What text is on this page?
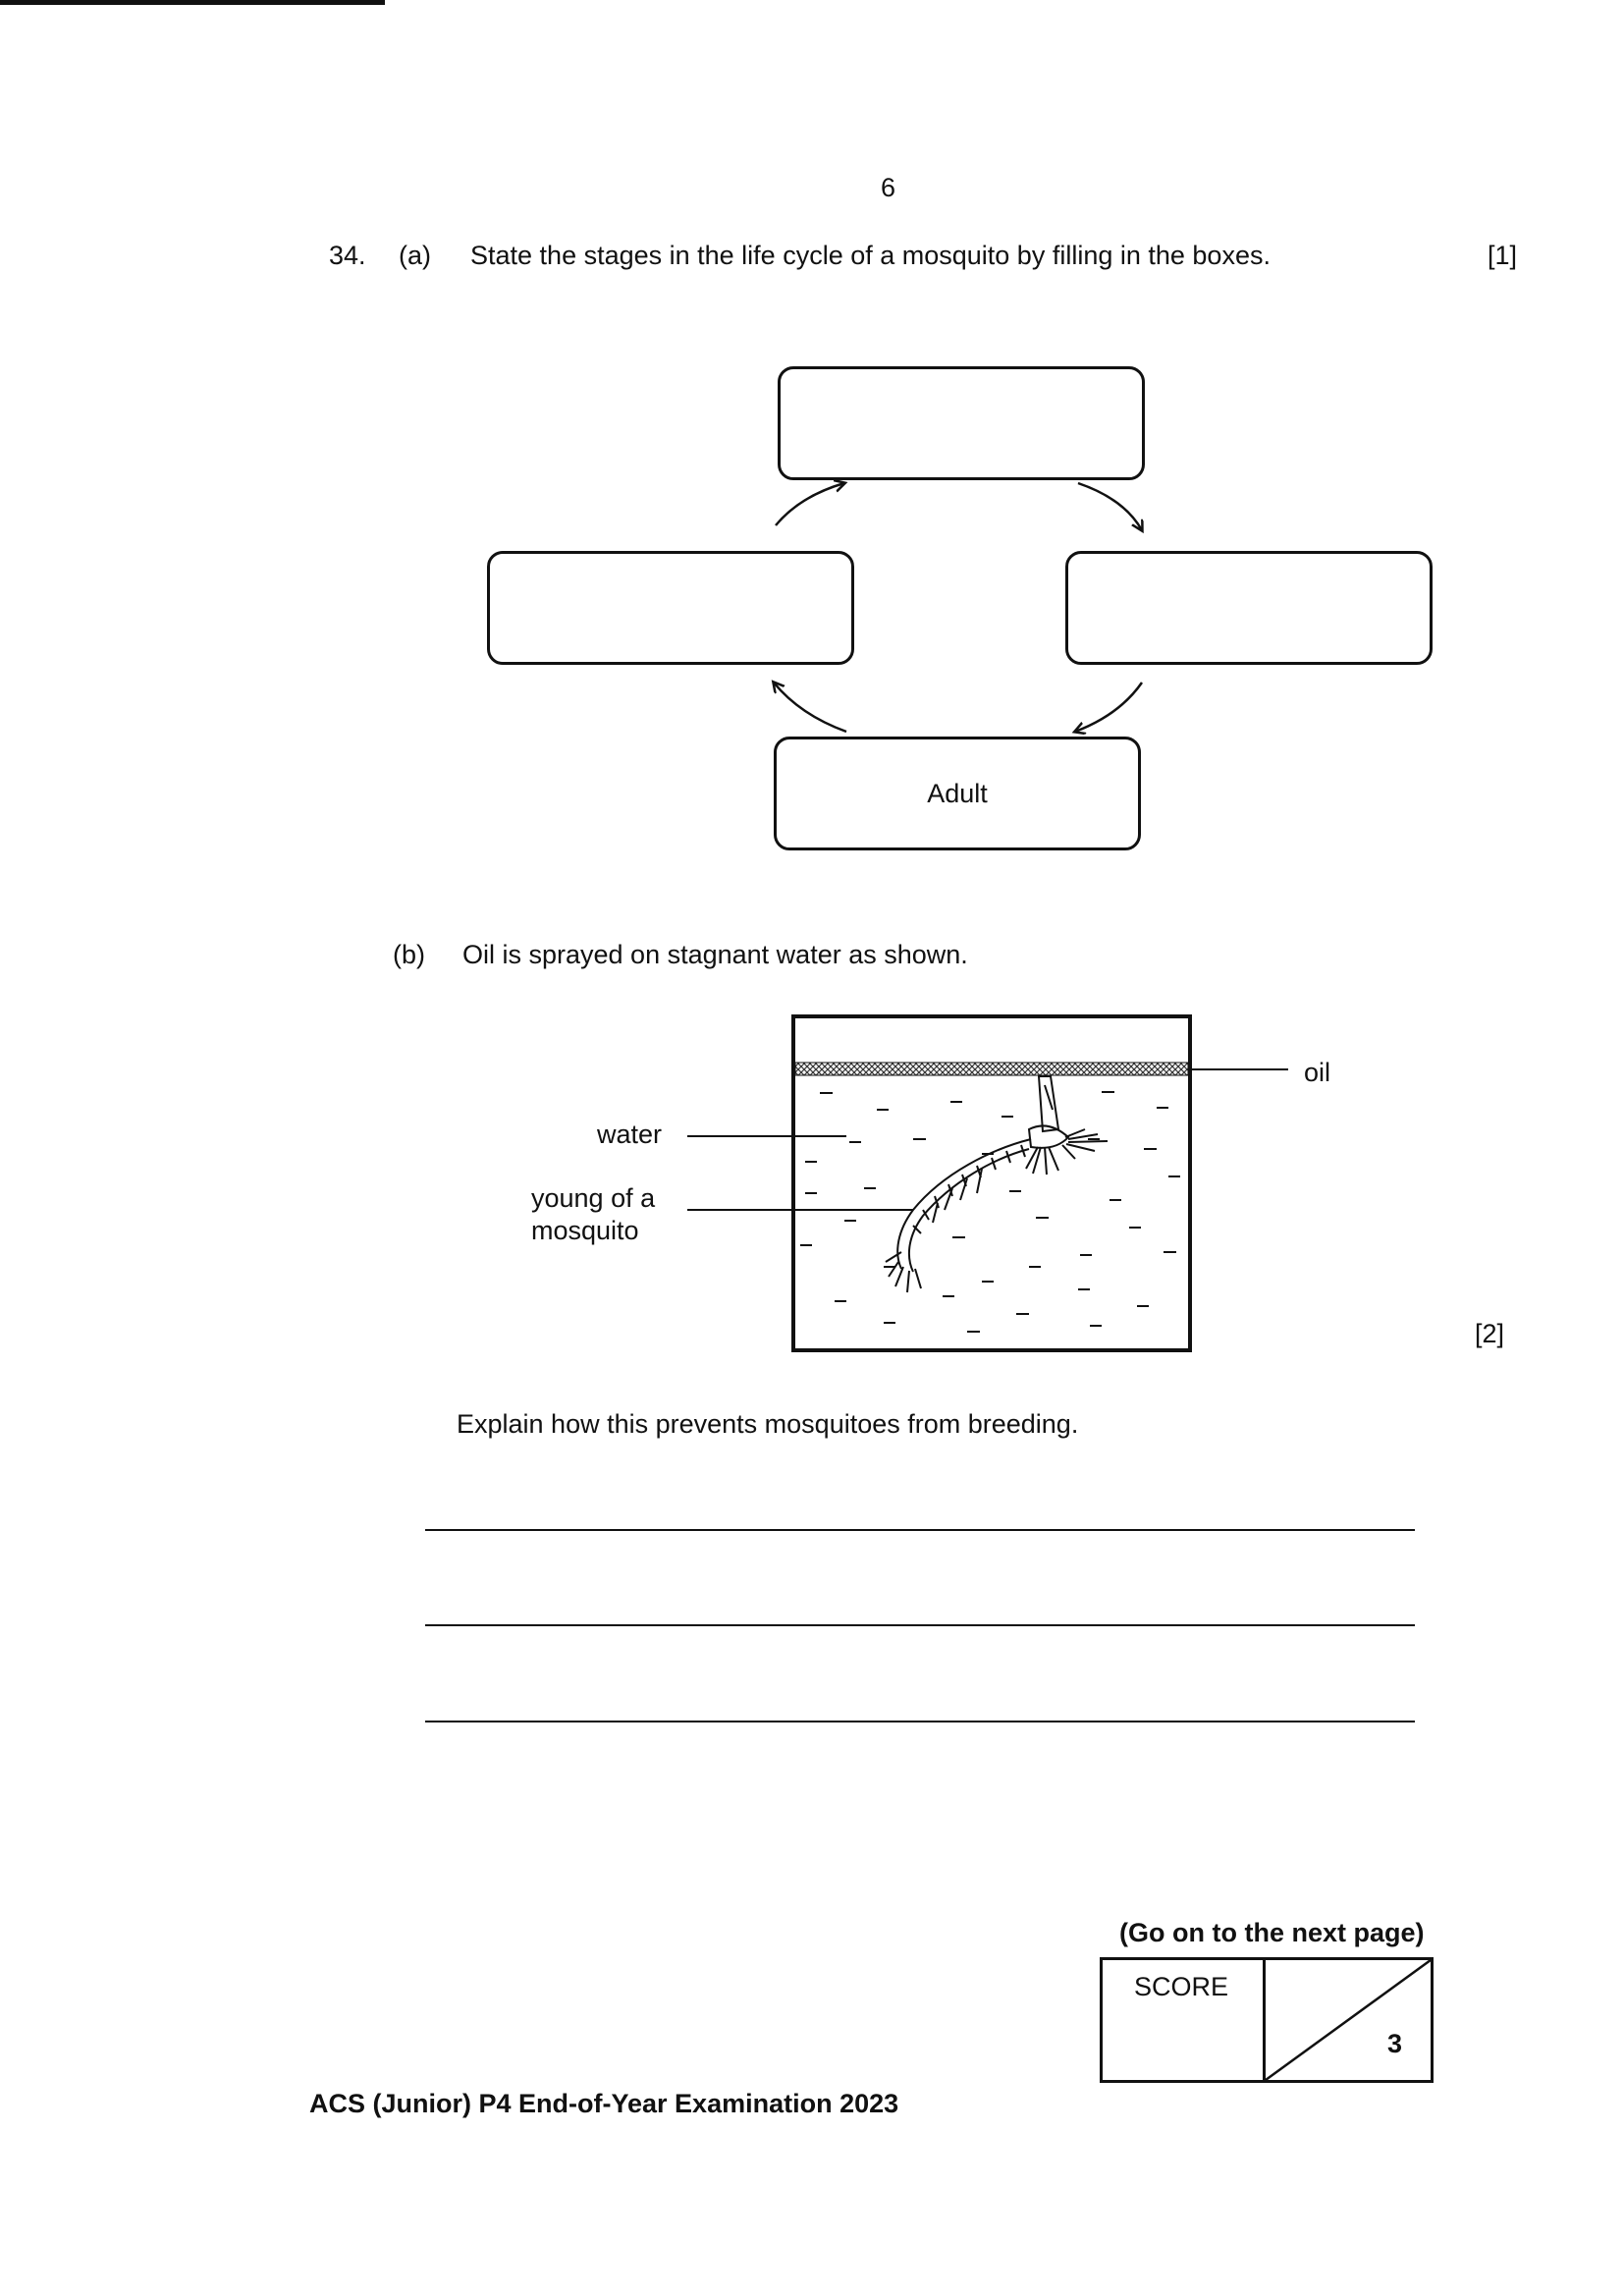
6
34. (a) State the stages in the life cycle of a mosquito by filling in the boxes.	[1]
Adult
(b) Oil is sprayed on stagnant water as shown.
oil
water
young of a
mosquito
[2]
Explain how this prevents mosquitoes from breeding.
(Go on to the next page)
SCORE
3
ACS (Junior) P4 End-of-Year Examination 2023
